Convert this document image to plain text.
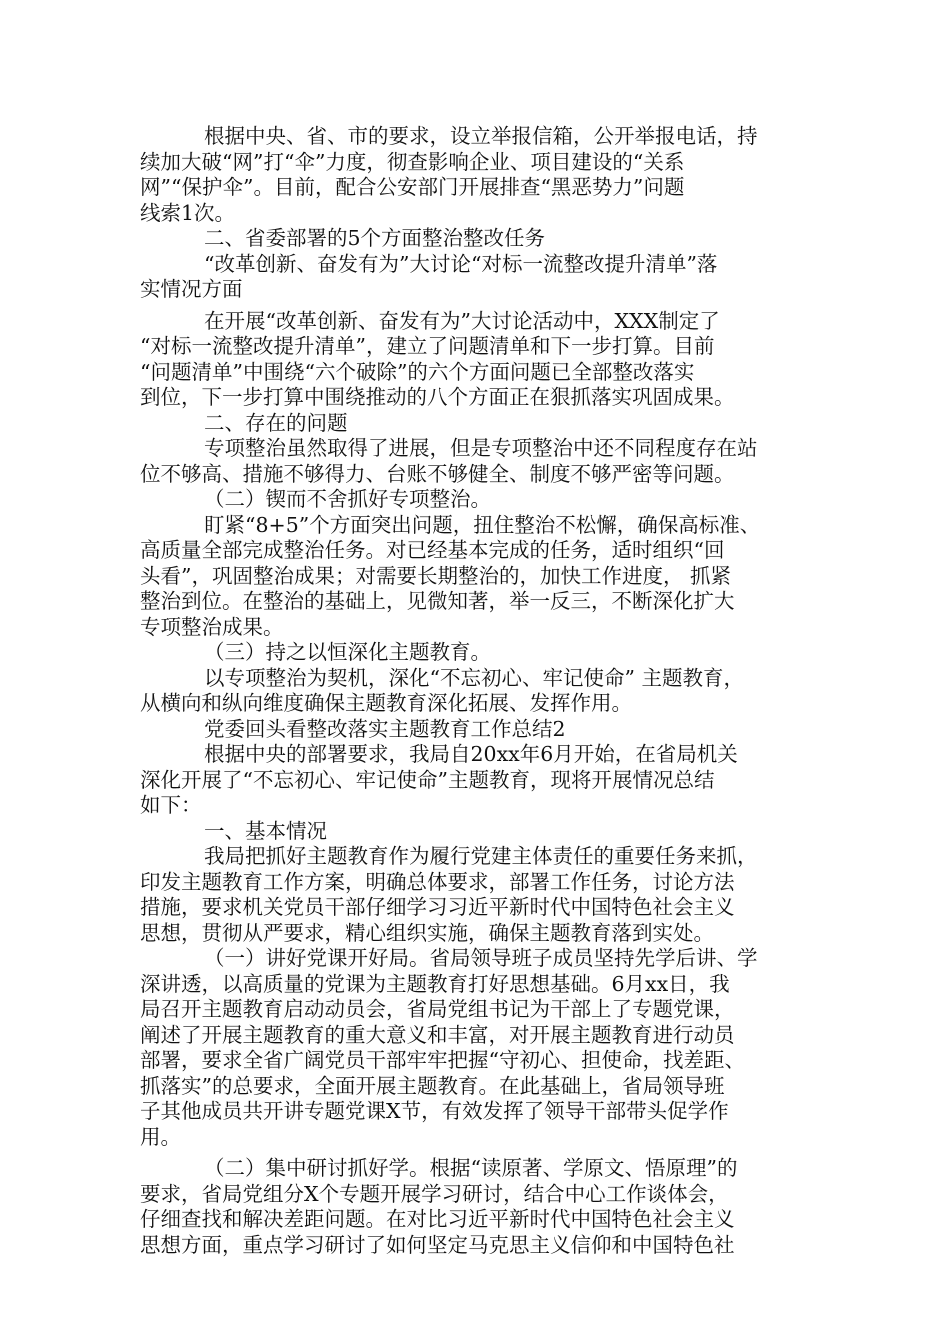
根据中央、省、市的要求，设立举报信箱，公开举报电话，持
续加大破“网”打“伞”力度，彻查影响企业、项目建设的“关系
网”“保护伞”。目前，配合公安部门开展排查“黑恶势力”问题
线索1次。
二、省委部署的5个方面整治整改任务
“改革创新、奋发有为”大讨论“对标一流整改提升清单”落
实情况方面
在开展“改革创新、奋发有为”大讨论活动中，XXX制定了
“对标一流整改提升清单”，建立了问题清单和下一步打算。目前
“问题清单”中围绕“六个破除”的六个方面问题已全部整改落实
到位，下一步打算中围绕推动的八个方面正在狠抓落实巩固成果。
二、存在的问题
专项整治虽然取得了进展，但是专项整治中还不同程度存在站
位不够高、措施不够得力、台账不够健全、制度不够严密等问题。
（二）锲而不舍抓好专项整治。
盯紧“8+5”个方面突出问题，扭住整治不松懈，确保高标准、
高质量全部完成整治任务。对已经基本完成的任务，适时组织“回
头看”，巩固整治成果；对需要长期整治的，加快工作进度， 抓紧
整治到位。在整治的基础上，见微知著，举一反三，不断深化扩大
专项整治成果。
（三）持之以恒深化主题教育。
以专项整治为契机，深化“不忘初心、牢记使命” 主题教育，
从横向和纵向维度确保主题教育深化拓展、发挥作用。
党委回头看整改落实主题教育工作总结2
根据中央的部署要求，我局自20xx年6月开始，在省局机关
深化开展了“不忘初心、牢记使命”主题教育，现将开展情况总结
如下：
一、基本情况
我局把抓好主题教育作为履行党建主体责任的重要任务来抓，
印发主题教育工作方案，明确总体要求，部署工作任务，讨论方法
措施，要求机关党员干部仔细学习习近平新时代中国特色社会主义
思想，贯彻从严要求，精心组织实施，确保主题教育落到实处。
（一）讲好党课开好局。省局领导班子成员坚持先学后讲、学
深讲透，以高质量的党课为主题教育打好思想基础。6月xx日，我
局召开主题教育启动动员会，省局党组书记为干部上了专题党课，
阐述了开展主题教育的重大意义和丰富，对开展主题教育进行动员
部署，要求全省广阔党员干部牢牢把握“守初心、担使命，找差距、
抓落实”的总要求，全面开展主题教育。在此基础上，省局领导班
子其他成员共开讲专题党课X节，有效发挥了领导干部带头促学作
用。
（二）集中研讨抓好学。根据“读原著、学原文、悟原理”的
要求，省局党组分X个专题开展学习研讨，结合中心工作谈体会，
仔细查找和解决差距问题。在对比习近平新时代中国特色社会主义
思想方面，重点学习研讨了如何坚定马克思主义信仰和中国特色社
